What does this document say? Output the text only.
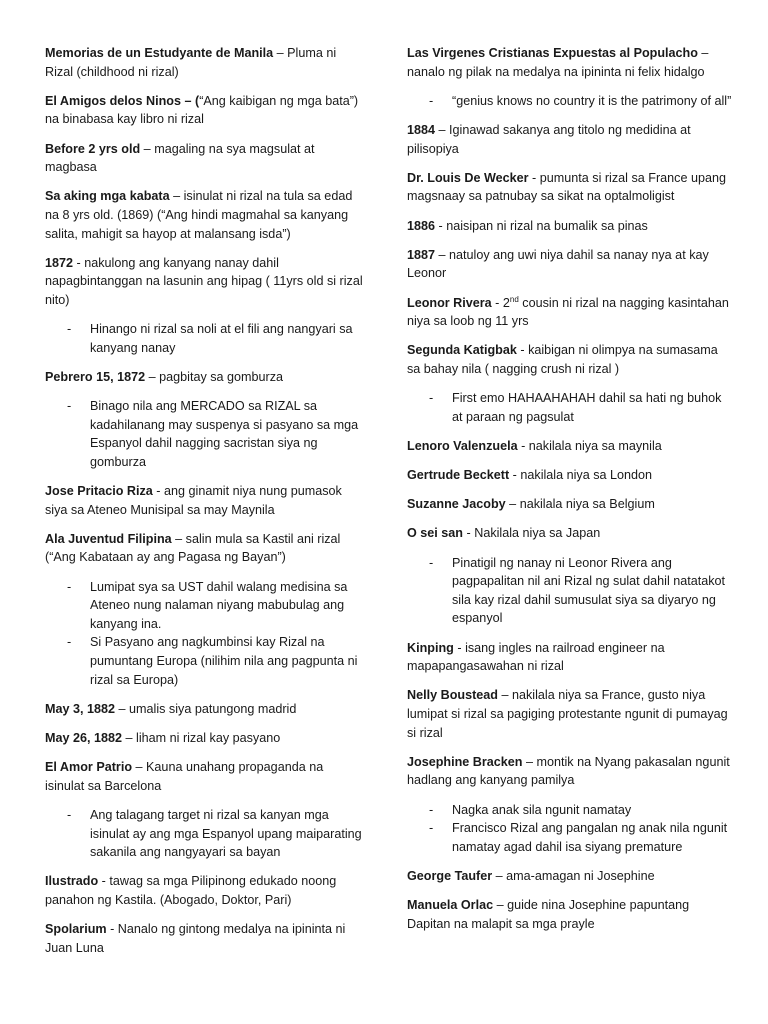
Memorias de un Estudyante de Manila – Pluma ni Rizal (childhood ni rizal)

El Amigos delos Ninos – (“Ang kaibigan ng mga bata”) na binabasa kay libro ni rizal

Before 2 yrs old – magaling na sya magsulat at magbasa

Sa aking mga kabata – isinulat ni rizal na tula sa edad na 8 yrs old. (1869) (“Ang hindi magmahal sa kanyang salita, mahigit sa hayop at malansang isda”)

1872 - nakulong ang kanyang nanay dahil napagbintanggan na lasunin ang hipag ( 11yrs old si rizal nito)

- Hinango ni rizal sa noli at el fili ang nangyari sa kanyang nanay

Pebrero 15, 1872 – pagbitay sa gomburza

- Binago nila ang MERCADO sa RIZAL sa kadahilanang may suspenya si pasyano sa mga Espanyol dahil nagging sacristan siya ng gomburza

Jose Pritacio Riza - ang ginamit niya nung pumasok siya sa Ateneo Munisipal sa may Maynila

Ala Juventud Filipina – salin mula sa Kastil ani rizal (“Ang Kabataan ay ang Pagasa ng Bayan”)

- Lumipat sya sa UST dahil walang medisina sa Ateneo nung nalaman niyang mabubulag ang kanyang ina.
- Si Pasyano ang nagkumbinsi kay Rizal na pumuntang Europa (nilihim nila ang pagpunta ni rizal sa Europa)

May 3, 1882 – umalis siya patungong madrid

May 26, 1882 – liham ni rizal kay pasyano

El Amor Patrio – Kauna unahang propaganda na isinulat sa Barcelona

- Ang talagang target ni rizal sa kanyan mga isinulat ay ang mga Espanyol upang maiparating sakanila ang nangyayari sa bayan

Ilustrado - tawag sa mga Pilipinong edukado noong panahon ng Kastila. (Abogado, Doktor, Pari)

Spolarium - Nanalo ng gintong medalya na ipininta ni Juan Luna

Las Virgenes Cristianas Expuestas al Populacho – nanalo ng pilak na medalya na ipininta ni felix hidalgo

- “genius knows no country it is the patrimony of all”

1884 – Iginawad sakanya ang titolo ng medidina at pilisopiya

Dr. Louis De Wecker - pumunta si rizal sa France upang magsnaay sa patnubay sa sikat na optalmoligist

1886 - naisipan ni rizal na bumalik sa pinas

1887 – natuloy ang uwi niya dahil sa nanay nya at kay Leonor

Leonor Rivera - 2nd cousin ni rizal na nagging kasintahan niya sa loob ng 11 yrs

Segunda Katigbak - kaibigan ni olimpya na sumasama sa bahay nila ( nagging crush ni rizal )

- First emo HAHAAHAHAH dahil sa hati ng buhok at paraan ng pagsulat

Lenoro Valenzuela - nakilala niya sa maynila

Gertrude Beckett - nakilala niya sa London

Suzanne Jacoby – nakilala niya sa Belgium

O sei san - Nakilala niya sa Japan

- Pinatigil ng nanay ni Leonor Rivera ang pagpapalitan nil ani Rizal ng sulat dahil natatakot sila kay rizal dahil sumusulat siya sa diyaryo ng espanyol

Kinping - isang ingles na railroad engineer na mapapangasawahan ni rizal

Nelly Boustead – nakilala niya sa France, gusto niya lumipat si rizal sa pagiging protestante ngunit di pumayag si rizal

Josephine Bracken – montik na Nyang pakasalan ngunit hadlang ang kanyang pamilya

- Nagka anak sila ngunit namatay
- Francisco Rizal ang pangalan ng anak nila ngunit namatay agad dahil isa siyang premature

George Taufer – ama-amagan ni Josephine

Manuela Orlac – guide nina Josephine papuntang Dapitan na malapit sa mga prayle
